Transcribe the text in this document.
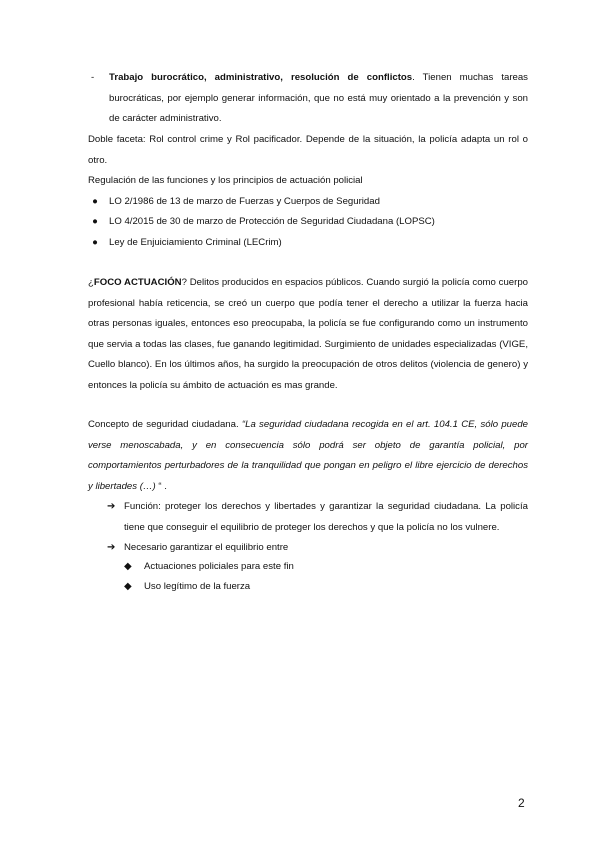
- Trabajo burocrático, administrativo, resolución de conflictos. Tienen muchas tareas burocráticas, por ejemplo generar información, que no está muy orientado a la prevención y son de carácter administrativo.
Doble faceta: Rol control crime y Rol pacificador. Depende de la situación, la policía adapta un rol o otro.
Regulación de las funciones y los principios de actuación policial
●	LO 2/1986 de 13 de marzo de Fuerzas y Cuerpos de Seguridad
●	LO 4/2015 de 30 de marzo de Protección de Seguridad Ciudadana (LOPSC)
●	Ley de Enjuiciamiento Criminal (LECrim)
¿FOCO ACTUACIÓN? Delitos producidos en espacios públicos. Cuando surgió la policía como cuerpo profesional había reticencia, se creó un cuerpo que podía tener el derecho a utilizar la fuerza hacia otras personas iguales, entonces eso preocupaba, la policía se fue configurando como un instrumento que servia a todas las clases, fue ganando legitimidad. Surgimiento de unidades especializadas (VIGE, Cuello blanco). En los últimos años, ha surgido la preocupación de otros delitos (violencia de genero) y entonces la policía su ámbito de actuación es mas grande.
Concepto de seguridad ciudadana. “La seguridad ciudadana recogida en el art. 104.1 CE, sólo puede verse menoscabada, y en consecuencia sólo podrá ser objeto de garantía policial, por comportamientos perturbadores de la tranquilidad que pongan en peligro el libre ejercicio de derechos y libertades (…) “ .
➔ Función: proteger los derechos y libertades y garantizar la seguridad ciudadana. La policía tiene que conseguir el equilibrio de proteger los derechos y que la policía no los vulnere.
➔ Necesario garantizar el equilibrio entre
◆ Actuaciones policiales para este fin
◆ Uso legítimo de la fuerza
2
